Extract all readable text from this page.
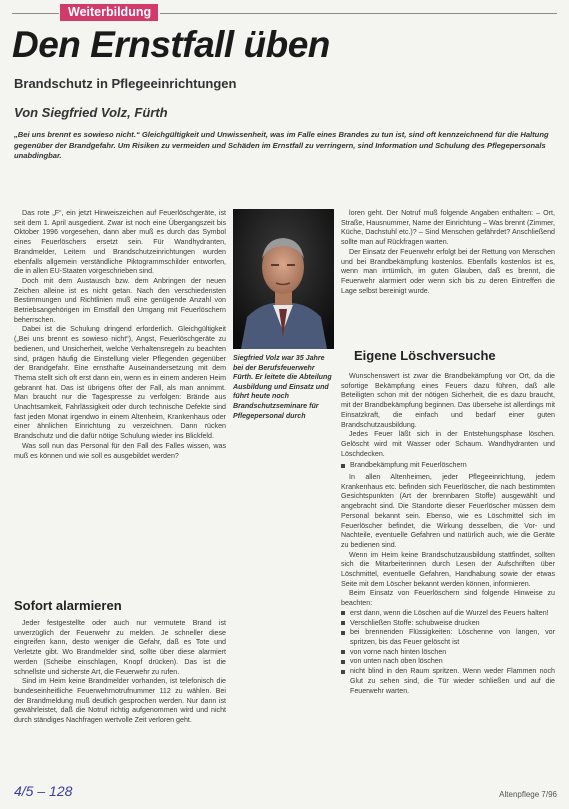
Weiterbildung
Den Ernstfall üben
Brandschutz in Pflegeeinrichtungen
Von Siegfried Volz, Fürth
„Bei uns brennt es sowieso nicht.“ Gleichgültigkeit und Unwissenheit, was im Falle eines Brandes zu tun ist, sind oft kennzeichnend für die Haltung gegenüber der Brandgefahr. Um Risiken zu vermeiden und Schäden im Ernstfall zu verringern, sind Information und Schulung des Pflegepersonals unabdingbar.

Das rote „F“, ein jetzt Hinweiszeichen auf Feuerlöschgeräte, ist seit dem 1. April ausgedient. Zwar ist noch eine Übergangszeit bis Oktober 1996 vorgesehen, dann aber muß es durch das Symbol eines Feuerlöschers ersetzt sein. Für Wandhydranten, Brandmelder, Leitern und Brandschutzeinrichtungen wurden ebenfalls allgemein verständliche Piktogrammschilder entworfen, die in allen EU-Staaten vorgeschrieben sind.

Doch mit dem Austausch bzw. dem Anbringen der neuen Zeichen alleine ist es nicht getan. Nach den verschiedensten Bestimmungen und Richtlinien muß eine genügende Anzahl von Betriebsangehörigen im Ernstfall den Umgang mit Feuerlöschern beherrschen.

Dabei ist die Schulung dringend erforderlich. Gleichgültigkeit („Bei uns brennt es sowieso nicht“), Angst, Feuerlöschgeräte zu bedienen, und Unsicherheit, welche Verhaltensregeln zu beachten sind, prägen häufig die Einstellung vieler Pflegenden gegenüber der Brandgefahr. Eine ernsthafte Auseinandersetzung mit dem Thema stellt sich oft erst dann ein, wenn es in einem anderen Heim gebrannt hat. Das ist übrigens öfter der Fall, als man annimmt. Man braucht nur die Tagespresse zu verfolgen: Brände aus Unachtsamkeit, Fahrlässigkeit oder durch technische Defekte sind fast jeden Monat irgendwo in einem Altenheim, Krankenhaus oder einer ähnlichen Einrichtung zu verzeichnen. Dann rücken Brandschutz und die dafür nötige Schulung wieder ins Blickfeld.

Was soll nun das Personal für den Fall des Falles wissen, was muß es können und wie soll es ausgebildet werden?

Sofort alarmieren

Jeder festgestellte oder auch nur vermutete Brand ist unverzüglich der Feuerwehr zu melden. Je schneller diese eingreifen kann, desto weniger die Gefahr, daß es Tote und Verletzte gibt. Wo Brandmelder sind, sollte über diese alarmiert werden (Scheibe einschlagen, Knopf drücken). Das ist die schnellste und sicherste Art, die Feuerwehr zu rufen.

Sind im Heim keine Brandmelder vorhanden, ist telefonisch die bundeseinheitliche Feuerwehrnotrufnummer 112 zu wählen. Bei der Brandmeldung muß deutlich gesprochen werden. Nur dann ist gewährleistet, daß die Notruf richtig aufgenommen wird und nicht durch ständiges Nachfragen wertvolle Zeit verloren geht.

Siegfried Volz war 35 Jahre bei der Berufsfeuerwehr Fürth. Er leitete die Abteilung Ausbildung und Einsatz und führt heute noch Brandschutzseminare für Pflegepersonal durch

loren geht. Der Notruf muß folgende Angaben enthalten: – Ort, Straße, Hausnummer, Name der Einrichtung – Was brennt (Zimmer, Küche, Dachstuhl etc.)? – Sind Menschen gefährdet? Anschließend sollte man auf Rückfragen warten.

Der Einsatz der Feuerwehr erfolgt bei der Rettung von Menschen und bei Brandbekämpfung kostenlos. Ebenfalls kostenlos ist es, wenn man irrtümlich, im guten Glauben, daß es brennt, die Feuerwehr alarmiert oder wenn sich bis zu deren Eintreffen die Lage selbst bereinigt wurde.

Eigene Löschversuche

Wunschenswert ist zwar die Brandbekämpfung vor Ort, da die sofortige Bekämpfung eines Feuers dazu führen, daß alle Beteiligten schon mit der nötigen Sicherheit, die es dazu braucht, mit der Brandbekämpfung beginnen. Das übersehe ist allerdings mit Einsatzkraft, die einfach und bedarf einer guten Brandschutzausbildung.

Jedes Feuer läßt sich in der Entstehungsphase löschen. Gelöscht wird mit Wasser oder Schaum. Wandhydranten und Löschdecken.

Brandbekämpfung mit Feuerlöschern

In allen Altenheimen, jeder Pflegeeinrichtung, jedem Krankenhaus etc. befinden sich Feuerlöscher, die nach bestimmten Gesichtspunkten (Art der brennbaren Stoffe) ausgewählt und angebracht sind. Die Standorte dieser Feuerlöscher müssen dem Personal bekannt sein. Ebenso, wie es Löschmittel sich im Feuerlöscher befindet, die Wirkung desselben, die Vor- und Nachteile, eventuelle Gefahren und natürlich auch, wie die Geräte zu bedienen sind.

Wenn im Heim keine Brandschutzausbildung stattfindet, sollten sich die Mitarbeiterinnen durch Lesen der Aufschriften über Löschmittel, eventuelle Gefahren, Handhabung sowie der etwas Seite mit dem Löscher bekannt werden können, informieren.

Beim Einsatz von Feuerlöschern sind folgende Hinweise zu beachten:

erst dann, wenn die Löschen auf die Wurzel des Feuers halten!
Verschließen Stoffe: schubweise drucken
bei brennenden Flüssigkeiten: Löschenne von langen, vor spritzen, bis das Feuer gelöscht ist
von vorne nach hinten löschen
von unten nach oben löschen
nicht blind in den Raum spritzen. Wenn weder Flammen noch Glut zu sehen sind, die Tür wieder schließen und auf die Feuerwehr warten.
4/5 – 128	Altenpflege 7/96
